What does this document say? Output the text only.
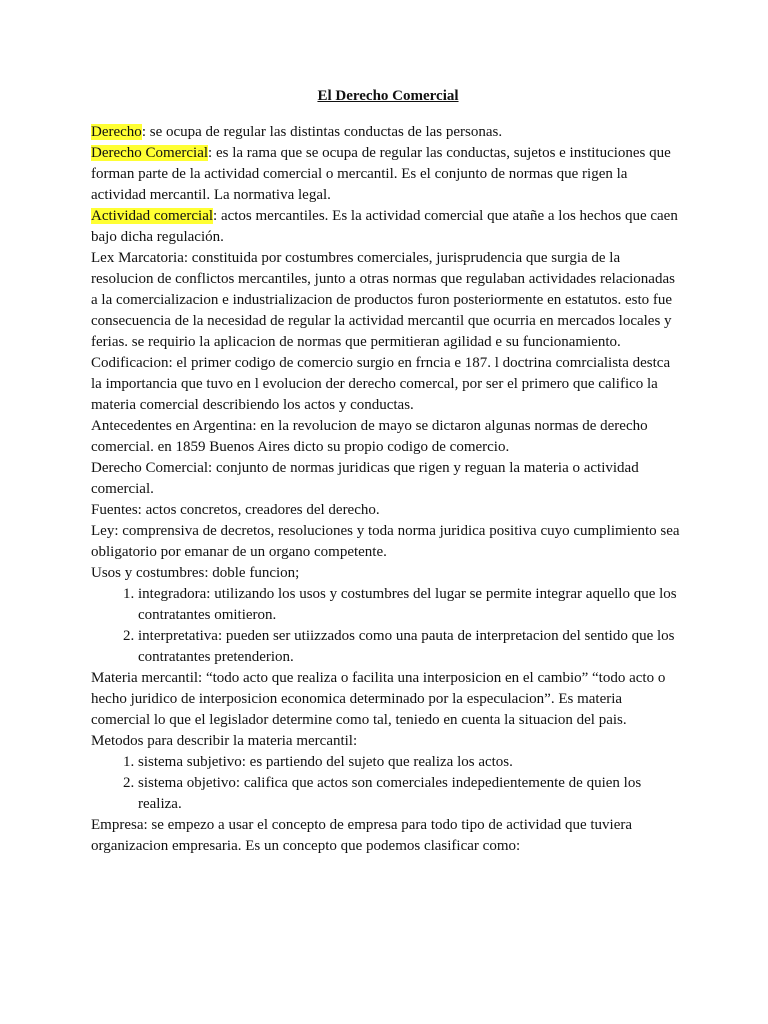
El Derecho Comercial

Derecho: se ocupa de regular las distintas conductas de las personas.

Derecho Comercial: es la rama que se ocupa de regular las conductas, sujetos e instituciones que forman parte de la actividad comercial o mercantil. Es el conjunto de normas que rigen la actividad mercantil. La normativa legal.

Actividad comercial: actos mercantiles. Es la actividad comercial que atañe a los hechos que caen bajo dicha regulación.

Lex Marcatoria: constituida por costumbres comerciales, jurisprudencia que surgia de la resolucion de conflictos mercantiles, junto a otras normas que regulaban actividades relacionadas a la comercializacion e industrializacion de productos furon posteriormente en estatutos. esto fue consecuencia de la necesidad de regular la actividad mercantil que ocurria en mercados locales y ferias. se requirio la aplicacion de normas que permitieran agilidad e su funcionamiento.

Codificacion: el primer codigo de comercio surgio en frncia e 187. l doctrina comrcialista destca la importancia que tuvo en l evolucion der derecho comercal, por ser el primero que califico la materia comercial describiendo los actos y conductas.

Antecedentes en Argentina: en la revolucion de mayo se dictaron algunas normas de derecho comercial. en 1859 Buenos Aires dicto su propio codigo de comercio.

Derecho Comercial: conjunto de normas juridicas que rigen y reguan la materia o actividad comercial.

Fuentes: actos concretos, creadores del derecho.

Ley: comprensiva de decretos, resoluciones y toda norma juridica positiva cuyo cumplimiento sea obligatorio por emanar de un organo competente.

Usos y costumbres: doble funcion;

1. integradora: utilizando los usos y costumbres del lugar se permite integrar aquello que los contratantes omitieron.
2. interpretativa: pueden ser utiizzados como una pauta de interpretacion del sentido que los contratantes pretenderion.

Materia mercantil: “todo acto que realiza o facilita una interposicion en el cambio” “todo acto o hecho juridico de interposicion economica determinado por la especulacion”. Es materia comercial lo que el legislador determine como tal, teniedo en cuenta la situacion del pais.

Metodos para describir la materia mercantil:

1. sistema subjetivo: es partiendo del sujeto que realiza los actos.
2. sistema objetivo: califica que actos son comerciales indepedientemente de quien los realiza.

Empresa: se empezo a usar el concepto de empresa para todo tipo de actividad que tuviera organizacion empresaria. Es un concepto que podemos clasificar como:
